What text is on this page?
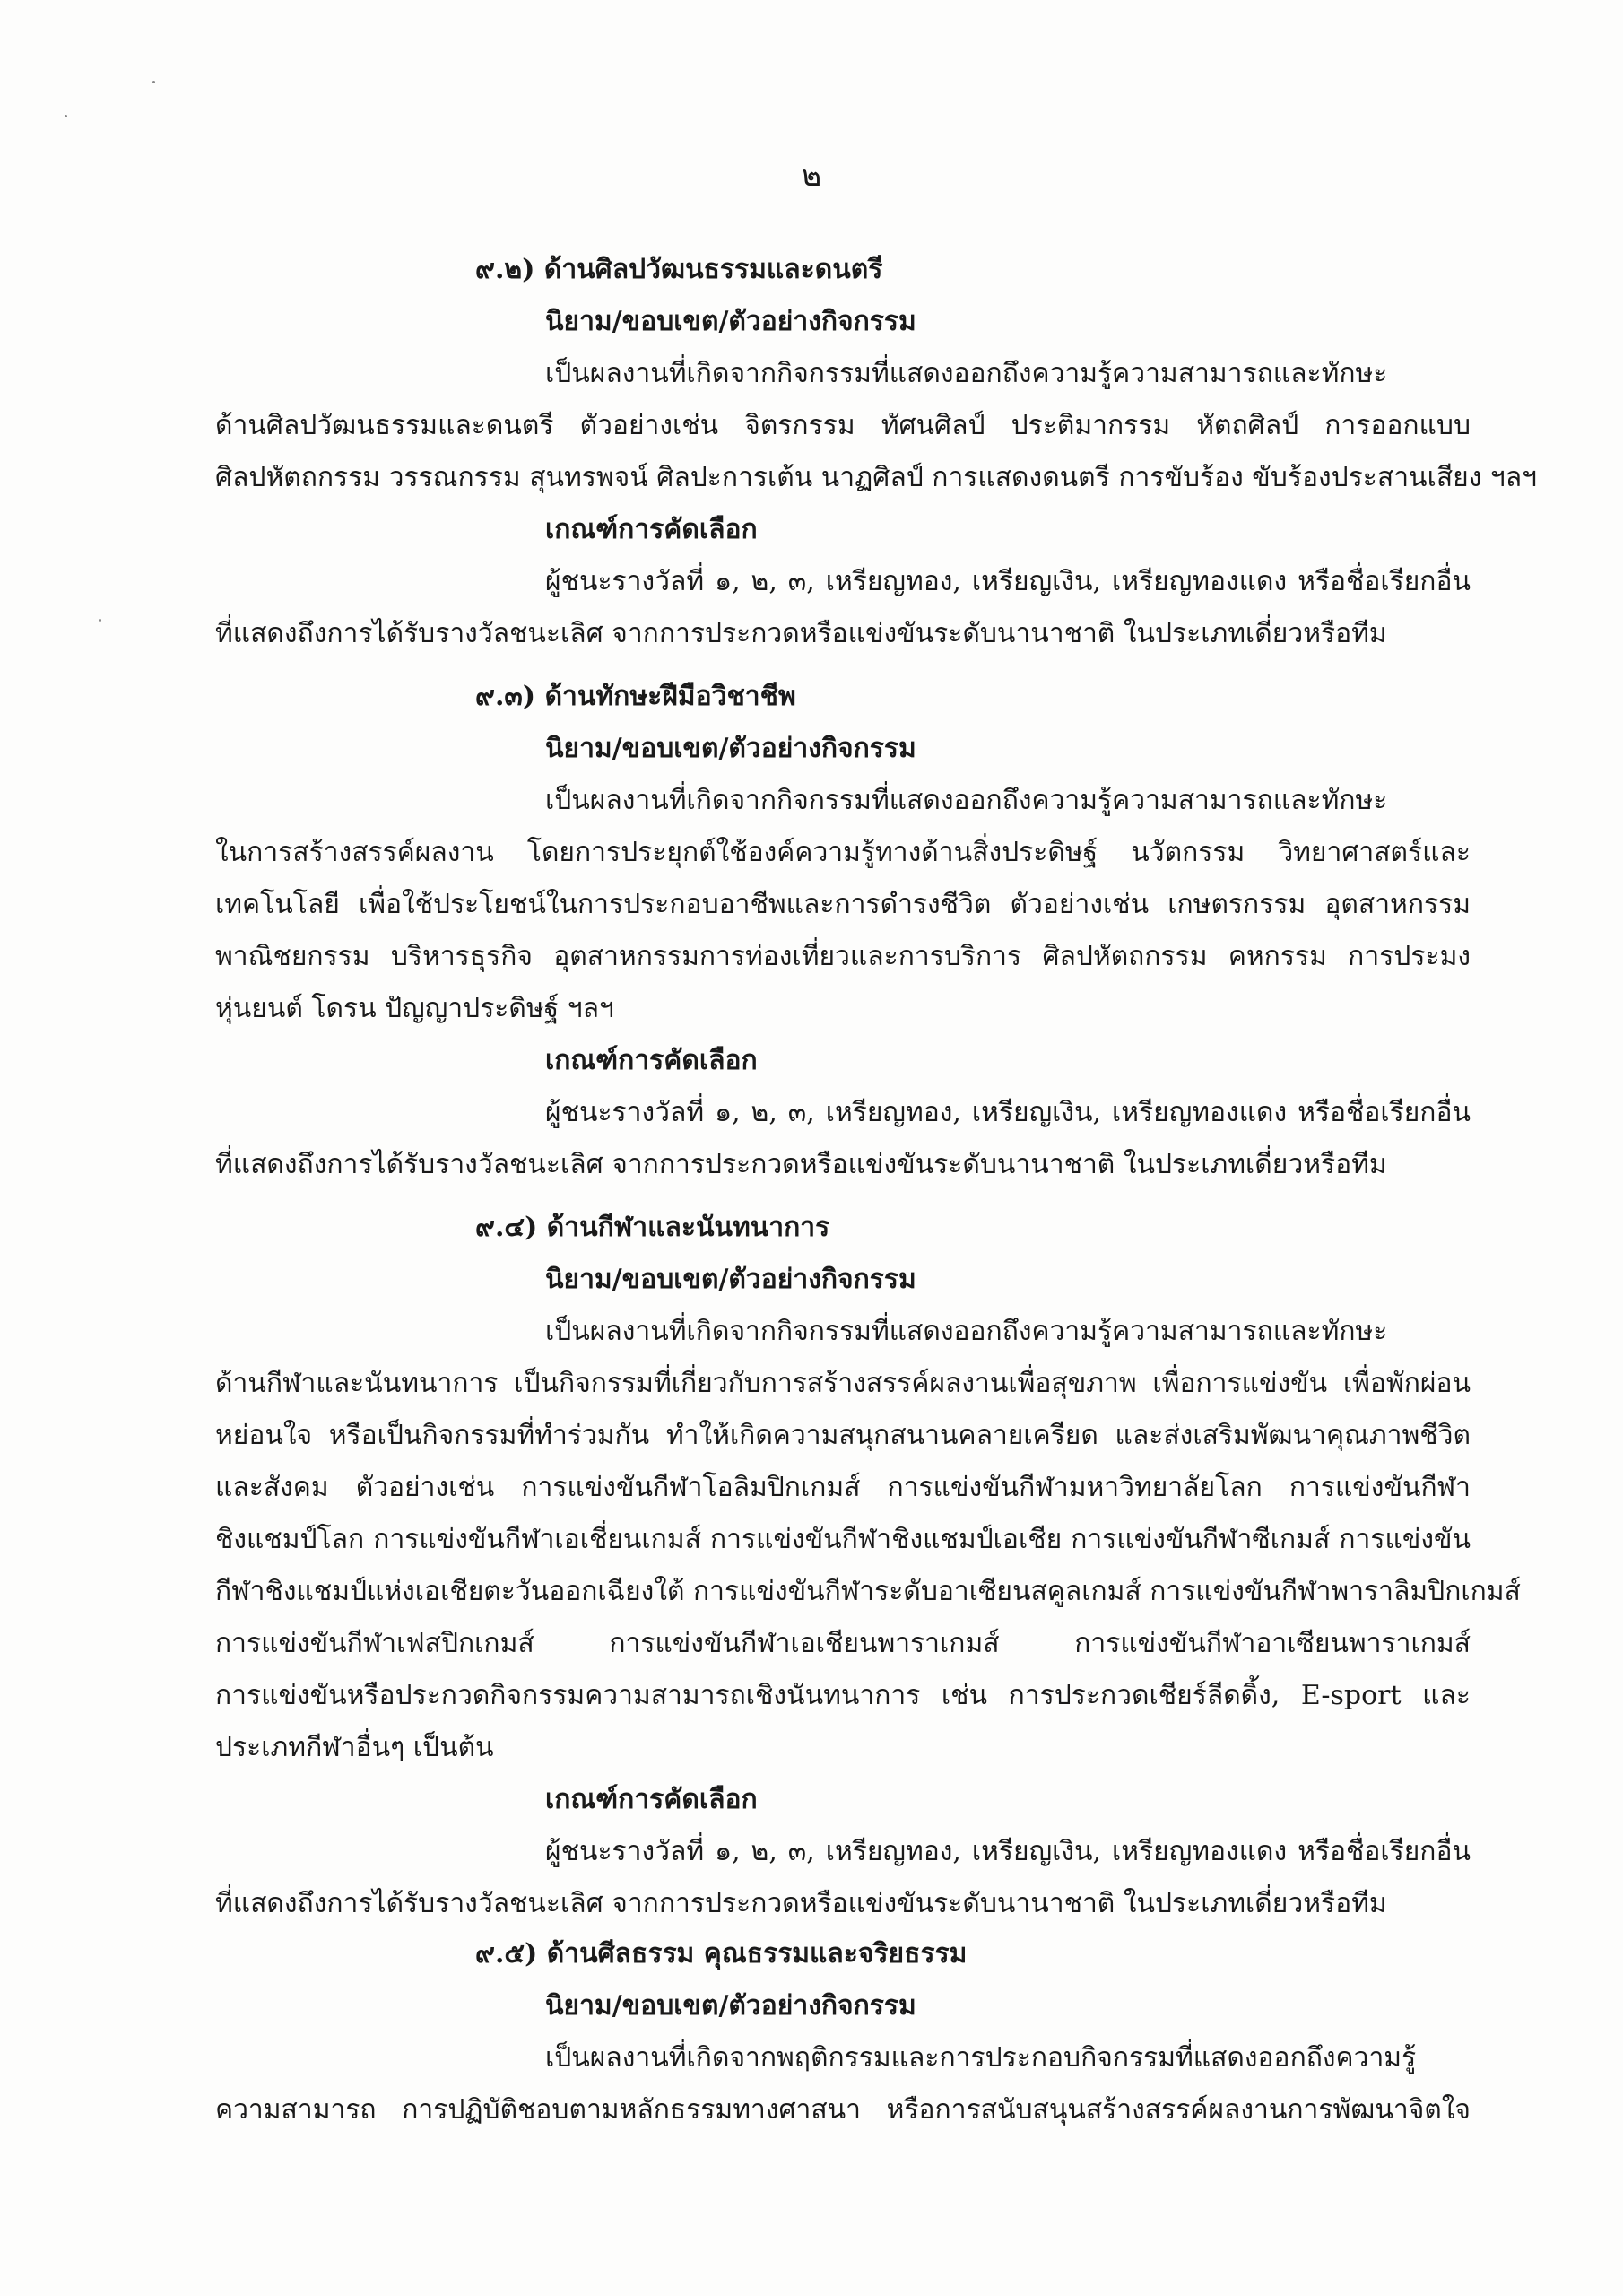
๒
๙.๒) ด้านศิลปวัฒนธรรมและดนตรี
นิยาม/ขอบเขต/ตัวอย่างกิจกรรม
เป็นผลงานที่เกิดจากกิจกรรมที่แสดงออกถึงความรู้ความสามารถและทักษะ
ด้านศิลปวัฒนธรรมและดนตรี ตัวอย่างเช่น จิตรกรรม ทัศนศิลป์ ประติมากรรม หัตถศิลป์ การออกแบบ
ศิลปหัตถกรรม วรรณกรรม สุนทรพจน์ ศิลปะการเต้น นาฏศิลป์ การแสดงดนตรี การขับร้อง ขับร้องประสานเสียง ฯลฯ
เกณฑ์การคัดเลือก
ผู้ชนะรางวัลที่ ๑, ๒, ๓, เหรียญทอง, เหรียญเงิน, เหรียญทองแดง หรือชื่อเรียกอื่น
ที่แสดงถึงการได้รับรางวัลชนะเลิศ จากการประกวดหรือแข่งขันระดับนานาชาติ ในประเภทเดี่ยวหรือทีม
๙.๓) ด้านทักษะฝีมือวิชาชีพ
นิยาม/ขอบเขต/ตัวอย่างกิจกรรม
เป็นผลงานที่เกิดจากกิจกรรมที่แสดงออกถึงความรู้ความสามารถและทักษะ
ในการสร้างสรรค์ผลงาน โดยการประยุกต์ใช้องค์ความรู้ทางด้านสิ่งประดิษฐ์ นวัตกรรม วิทยาศาสตร์และ
เทคโนโลยี เพื่อใช้ประโยชน์ในการประกอบอาชีพและการดำรงชีวิต ตัวอย่างเช่น เกษตรกรรม อุตสาหกรรม
พาณิชยกรรม บริหารธุรกิจ อุตสาหกรรมการท่องเที่ยวและการบริการ ศิลปหัตถกรรม คหกรรม การประมง
หุ่นยนต์ โดรน ปัญญาประดิษฐ์ ฯลฯ
เกณฑ์การคัดเลือก
ผู้ชนะรางวัลที่ ๑, ๒, ๓, เหรียญทอง, เหรียญเงิน, เหรียญทองแดง หรือชื่อเรียกอื่น
ที่แสดงถึงการได้รับรางวัลชนะเลิศ จากการประกวดหรือแข่งขันระดับนานาชาติ ในประเภทเดี่ยวหรือทีม
๙.๔) ด้านกีฬาและนันทนาการ
นิยาม/ขอบเขต/ตัวอย่างกิจกรรม
เป็นผลงานที่เกิดจากกิจกรรมที่แสดงออกถึงความรู้ความสามารถและทักษะ
ด้านกีฬาและนันทนาการ เป็นกิจกรรมที่เกี่ยวกับการสร้างสรรค์ผลงานเพื่อสุขภาพ เพื่อการแข่งขัน เพื่อพักผ่อน
หย่อนใจ หรือเป็นกิจกรรมที่ทำร่วมกัน ทำให้เกิดความสนุกสนานคลายเครียด และส่งเสริมพัฒนาคุณภาพชีวิต
และสังคม ตัวอย่างเช่น การแข่งขันกีฬาโอลิมปิกเกมส์ การแข่งขันกีฬามหาวิทยาลัยโลก การแข่งขันกีฬา
ชิงแชมป์โลก การแข่งขันกีฬาเอเชี่ยนเกมส์ การแข่งขันกีฬาชิงแชมป์เอเชีย การแข่งขันกีฬาซีเกมส์ การแข่งขัน
กีฬาชิงแชมป์แห่งเอเชียตะวันออกเฉียงใต้ การแข่งขันกีฬาระดับอาเซียนสคูลเกมส์ การแข่งขันกีฬาพาราลิมปิกเกมส์
การแข่งขันกีฬาเฟสปิกเกมส์ การแข่งขันกีฬาเอเชียนพาราเกมส์ การแข่งขันกีฬาอาเซียนพาราเกมส์
การแข่งขันหรือประกวดกิจกรรมความสามารถเชิงนันทนาการ เช่น การประกวดเชียร์ลีดดิ้ง, E-sport และ
ประเภทกีฬาอื่นๆ เป็นต้น
เกณฑ์การคัดเลือก
ผู้ชนะรางวัลที่ ๑, ๒, ๓, เหรียญทอง, เหรียญเงิน, เหรียญทองแดง หรือชื่อเรียกอื่น
ที่แสดงถึงการได้รับรางวัลชนะเลิศ จากการประกวดหรือแข่งขันระดับนานาชาติ ในประเภทเดี่ยวหรือทีม
๙.๕) ด้านศีลธรรม คุณธรรมและจริยธรรม
นิยาม/ขอบเขต/ตัวอย่างกิจกรรม
เป็นผลงานที่เกิดจากพฤติกรรมและการประกอบกิจกรรมที่แสดงออกถึงความรู้
ความสามารถ การปฏิบัติชอบตามหลักธรรมทางศาสนา หรือการสนับสนุนสร้างสรรค์ผลงานการพัฒนาจิตใจ
